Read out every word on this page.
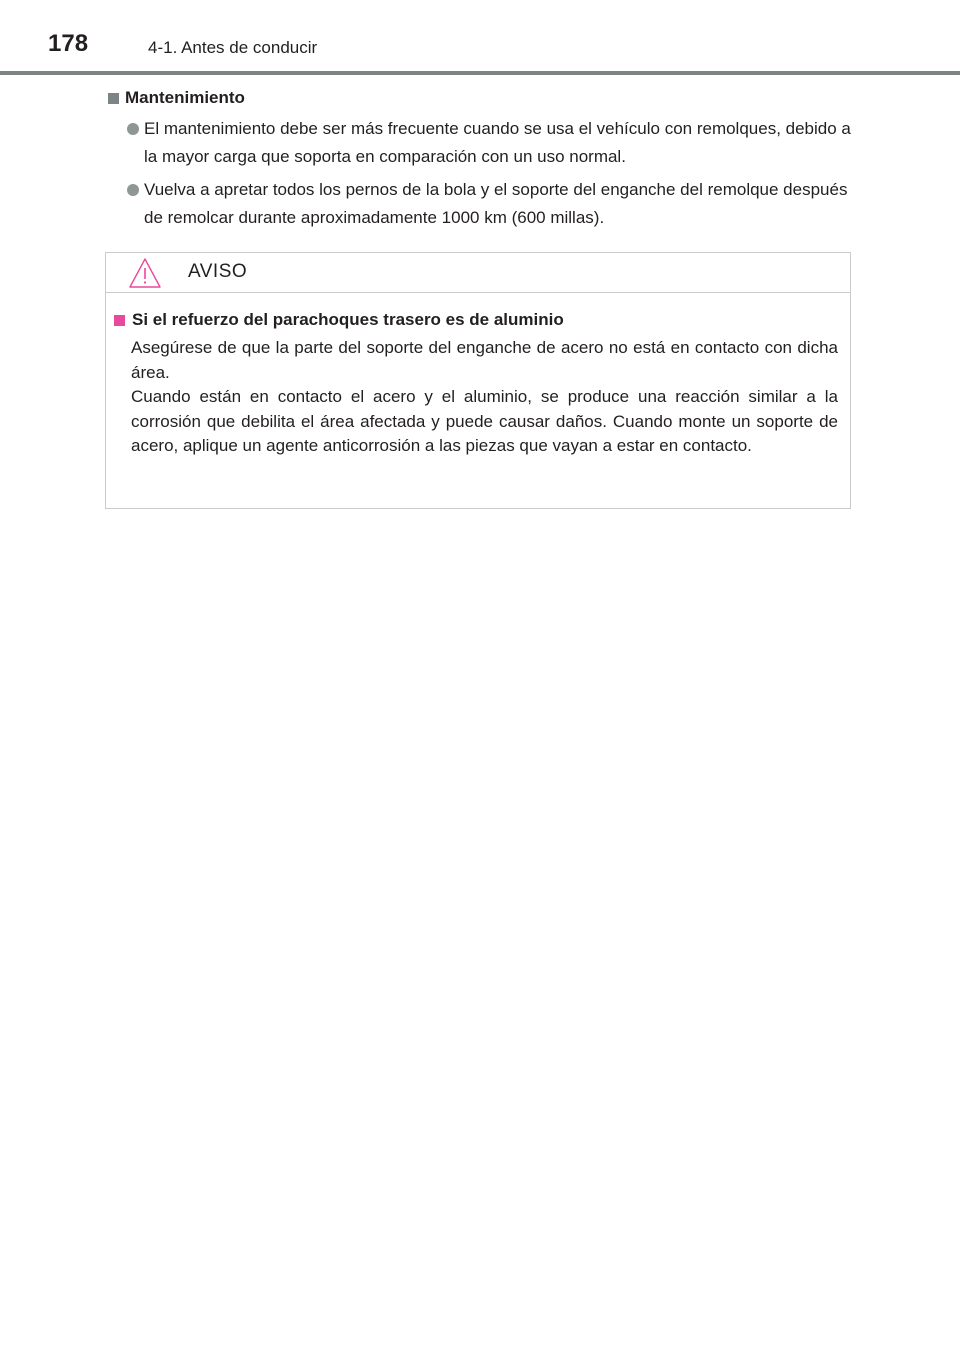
178	4-1. Antes de conducir
Mantenimiento
El mantenimiento debe ser más frecuente cuando se usa el vehículo con remolques, debido a la mayor carga que soporta en comparación con un uso normal.
Vuelva a apretar todos los pernos de la bola y el soporte del enganche del remolque después de remolcar durante aproximadamente 1000 km (600 millas).
AVISO
Si el refuerzo del parachoques trasero es de aluminio

Asegúrese de que la parte del soporte del enganche de acero no está en contacto con dicha área.

Cuando están en contacto el acero y el aluminio, se produce una reacción similar a la corrosión que debilita el área afectada y puede causar daños. Cuando monte un soporte de acero, aplique un agente anticorrosión a las piezas que vayan a estar en contacto.
